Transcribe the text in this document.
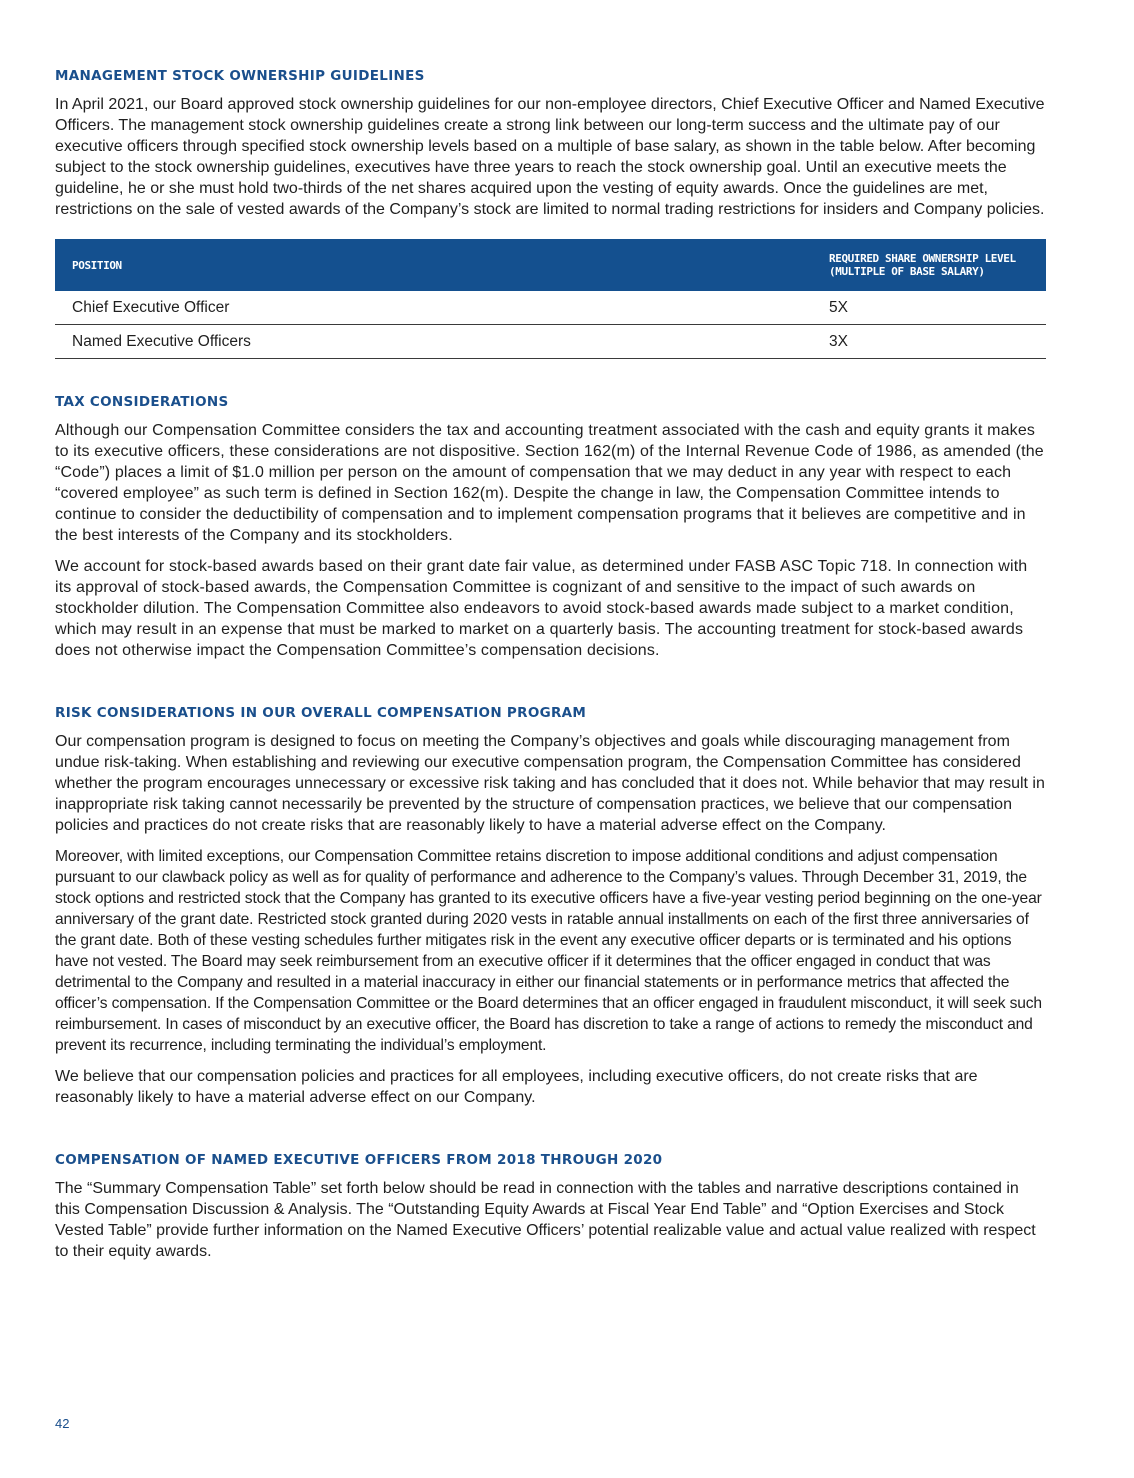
MANAGEMENT STOCK OWNERSHIP GUIDELINES

In April 2021, our Board approved stock ownership guidelines for our non-employee directors, Chief Executive Officer and Named Executive Officers. The management stock ownership guidelines create a strong link between our long-term success and the ultimate pay of our executive officers through specified stock ownership levels based on a multiple of base salary, as shown in the table below. After becoming subject to the stock ownership guidelines, executives have three years to reach the stock ownership goal. Until an executive meets the guideline, he or she must hold two-thirds of the net shares acquired upon the vesting of equity awards. Once the guidelines are met, restrictions on the sale of vested awards of the Company’s stock are limited to normal trading restrictions for insiders and Company policies.

POSITION	REQUIRED SHARE OWNERSHIP LEVEL (MULTIPLE OF BASE SALARY)
Chief Executive Officer	5X
Named Executive Officers	3X
TAX CONSIDERATIONS

Although our Compensation Committee considers the tax and accounting treatment associated with the cash and equity grants it makes to its executive officers, these considerations are not dispositive. Section 162(m) of the Internal Revenue Code of 1986, as amended (the “Code”) places a limit of $1.0 million per person on the amount of compensation that we may deduct in any year with respect to each “covered employee” as such term is defined in Section 162(m). Despite the change in law, the Compensation Committee intends to continue to consider the deductibility of compensation and to implement compensation programs that it believes are competitive and in the best interests of the Company and its stockholders.

We account for stock-based awards based on their grant date fair value, as determined under FASB ASC Topic 718. In connection with its approval of stock-based awards, the Compensation Committee is cognizant of and sensitive to the impact of such awards on stockholder dilution. The Compensation Committee also endeavors to avoid stock-based awards made subject to a market condition, which may result in an expense that must be marked to market on a quarterly basis. The accounting treatment for stock-based awards does not otherwise impact the Compensation Committee’s compensation decisions.

RISK CONSIDERATIONS IN OUR OVERALL COMPENSATION PROGRAM

Our compensation program is designed to focus on meeting the Company’s objectives and goals while discouraging management from undue risk-taking. When establishing and reviewing our executive compensation program, the Compensation Committee has considered whether the program encourages unnecessary or excessive risk taking and has concluded that it does not. While behavior that may result in inappropriate risk taking cannot necessarily be prevented by the structure of compensation practices, we believe that our compensation policies and practices do not create risks that are reasonably likely to have a material adverse effect on the Company.

Moreover, with limited exceptions, our Compensation Committee retains discretion to impose additional conditions and adjust compensation pursuant to our clawback policy as well as for quality of performance and adherence to the Company’s values. Through December 31, 2019, the stock options and restricted stock that the Company has granted to its executive officers have a five-year vesting period beginning on the one-year anniversary of the grant date. Restricted stock granted during 2020 vests in ratable annual installments on each of the first three anniversaries of the grant date. Both of these vesting schedules further mitigates risk in the event any executive officer departs or is terminated and his options have not vested. The Board may seek reimbursement from an executive officer if it determines that the officer engaged in conduct that was detrimental to the Company and resulted in a material inaccuracy in either our financial statements or in performance metrics that affected the officer’s compensation. If the Compensation Committee or the Board determines that an officer engaged in fraudulent misconduct, it will seek such reimbursement. In cases of misconduct by an executive officer, the Board has discretion to take a range of actions to remedy the misconduct and prevent its recurrence, including terminating the individual’s employment.

We believe that our compensation policies and practices for all employees, including executive officers, do not create risks that are reasonably likely to have a material adverse effect on our Company.

COMPENSATION OF NAMED EXECUTIVE OFFICERS FROM 2018 THROUGH 2020

The “Summary Compensation Table” set forth below should be read in connection with the tables and narrative descriptions contained in this Compensation Discussion & Analysis. The “Outstanding Equity Awards at Fiscal Year End Table” and “Option Exercises and Stock Vested Table” provide further information on the Named Executive Officers’ potential realizable value and actual value realized with respect to their equity awards.

42
